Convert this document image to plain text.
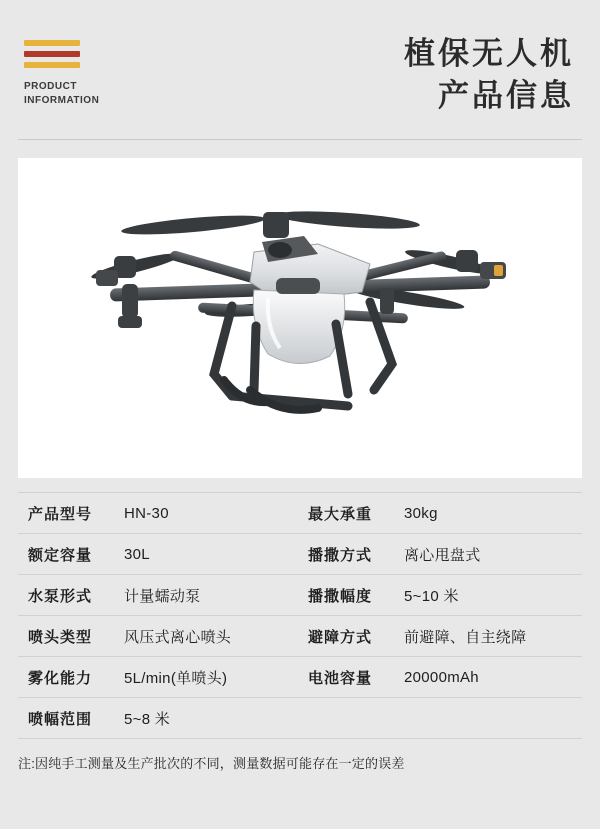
PRODUCT
INFORMATION
植保无人机
产品信息
产品型号	HN-30	最大承重	30kg
额定容量	30L	播撒方式	离心甩盘式
水泵形式	计量蠕动泵	播撒幅度	5~10 米
喷头类型	风压式离心喷头	避障方式	前避障、自主绕障
雾化能力	5L/min(单喷头)	电池容量	20000mAh
喷幅范围	5~8 米
注:因纯手工测量及生产批次的不同，测量数据可能存在一定的误差
